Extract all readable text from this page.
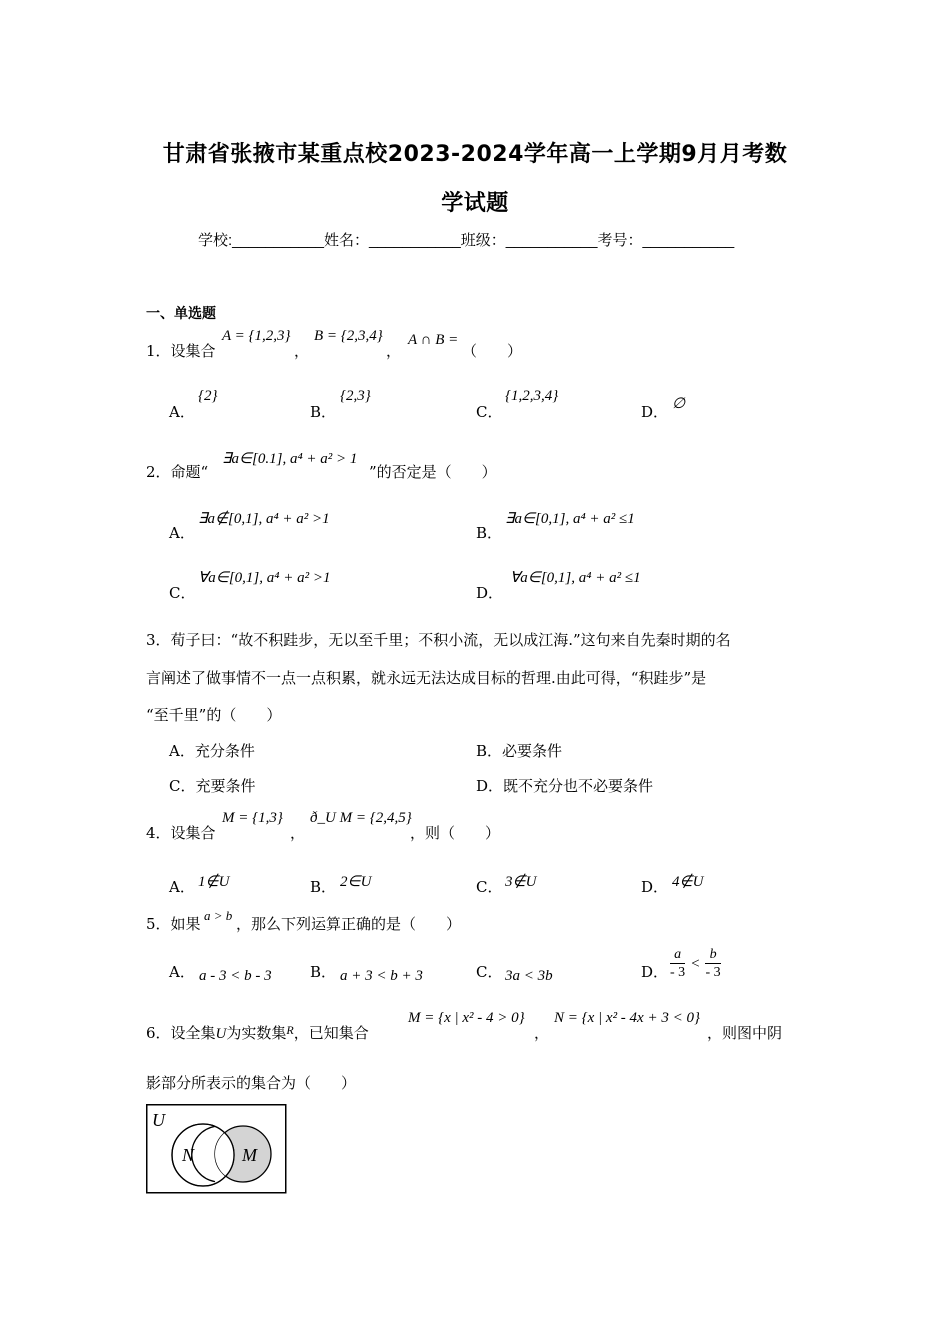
甘肃省张掖市某重点校2023-2024学年高一上学期9月月考数
学试题
学校:___________姓名：___________班级：___________考号：___________
一、单选题
1．设集合
A = {1,2,3}
，
B = {2,3,4}
，
A ∩ B =
（　　）
A．
{2}
B．
{2,3}
C．
{1,2,3,4}
D． ∅
2．命题“
∃a∈[0.1], a⁴ + a² > 1
”的否定是（　　）
A．
∃a∉[0,1], a⁴ + a² >1
B．
∃a∈[0,1], a⁴ + a² ≤1
C．
∀a∈[0,1], a⁴ + a² >1
D．
∀a∈[0,1], a⁴ + a² ≤1
3．荀子曰：“故不积跬步，无以至千里；不积小流，无以成江海.”这句来自先秦时期的名
言阐述了做事情不一点一点积累，就永远无法达成目标的哲理.由此可得，“积跬步”是
“至千里”的（　　）
A．充分条件	B．必要条件
C．充要条件	D．既不充分也不必要条件
4．设集合
M = {1,3}
，
ð_U M = {2,4,5}
，则（　　）
A． 1∉U	B． 2∈U	C． 3∉U	D． 4∉U
5．如果 a > b ，那么下列运算正确的是（　　）
A． a - 3 < b - 3	B． a + 3 < b + 3	C． 3a < 3b	D． $\frac{a}{- 3} < \frac{b}{- 3}$
6．设全集U为实数集$^R$，已知集合
M = {x | x² - 4 > 0}
，
N = {x | x² - 4x + 3 < 0}
，则图中阴
影部分所表示的集合为（　　）
U
N	M
